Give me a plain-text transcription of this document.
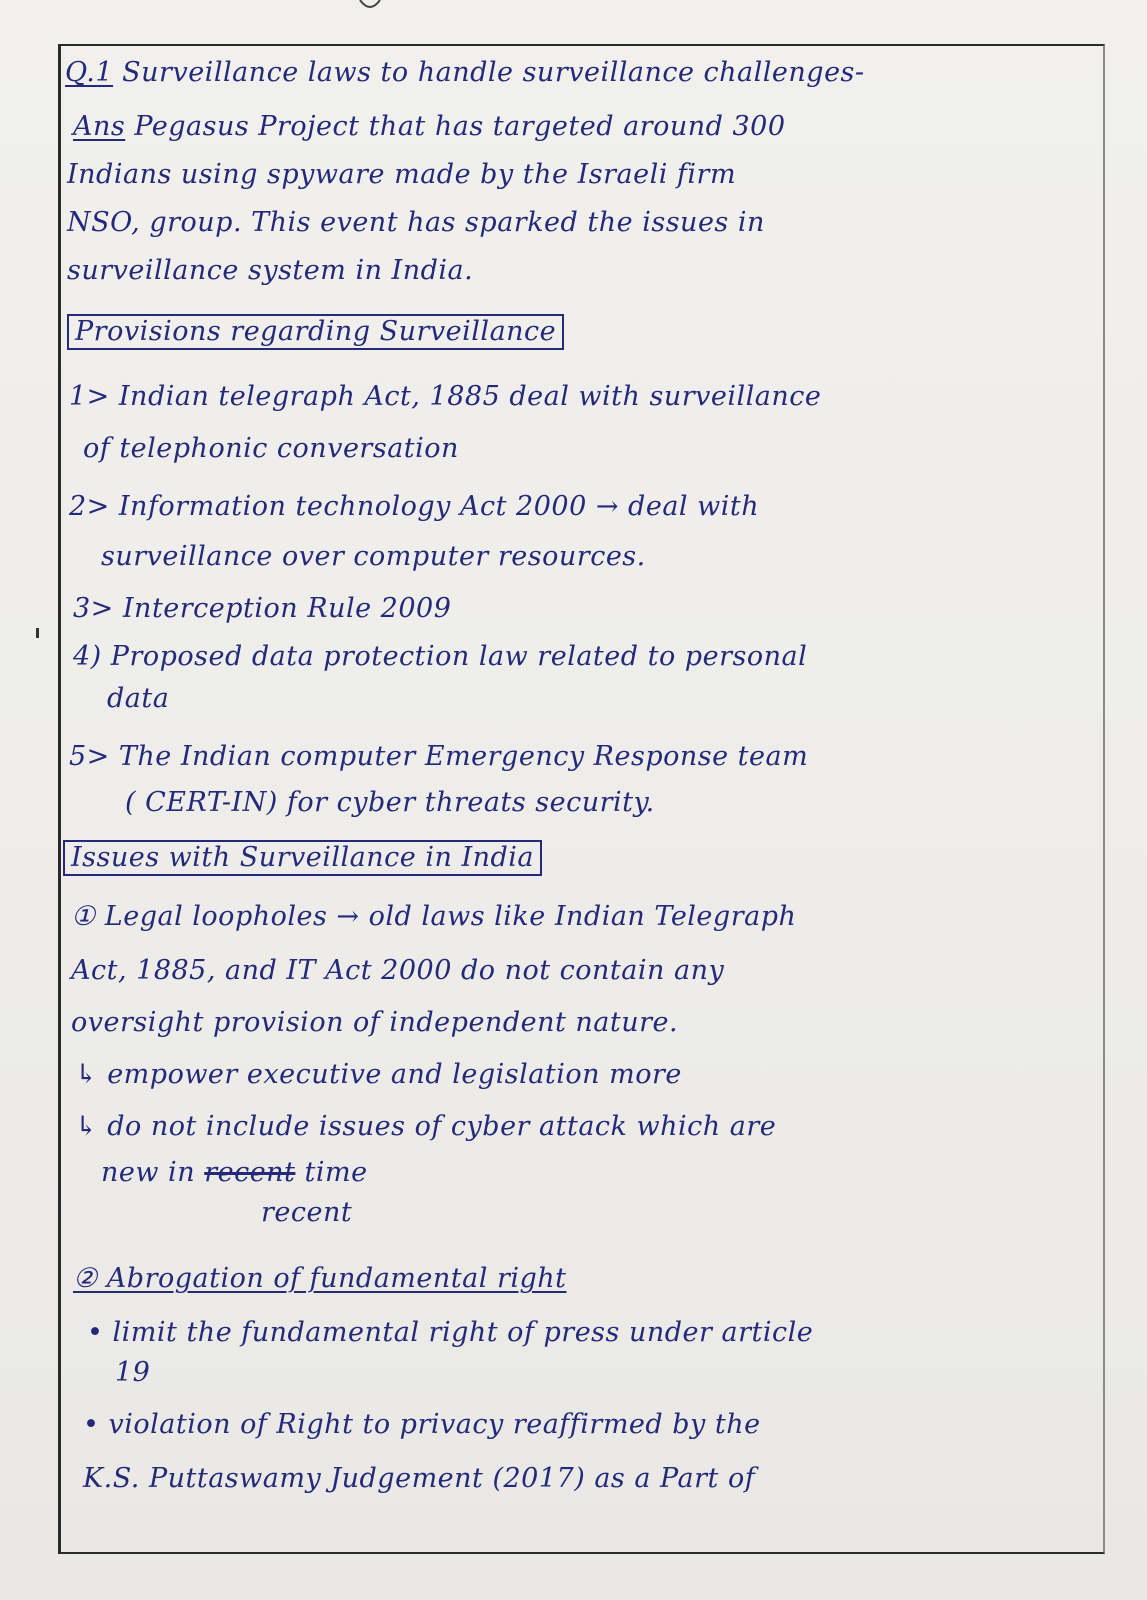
Q.1 Surveillance laws to handle surveillance challenges-
Ans Pegasus Project that has targeted around 300
Indians using spyware made by the Israeli firm
NSO, group. This event has sparked the issues in
surveillance system in India.
Provisions regarding Surveillance
1> Indian telegraph Act, 1885 deal with surveillance
of telephonic conversation
2> Information technology Act 2000 → deal with
surveillance over computer resources.
3> Interception Rule 2009
4) Proposed data protection law related to personal
data
5> The Indian computer Emergency Response team
( CERT-IN) for cyber threats security.
Issues with Surveillance in India
① Legal loopholes → old laws like Indian Telegraph
Act, 1885, and IT Act 2000 do not contain any
oversight provision of independent nature.
↳ empower executive and legislation more
↳ do not include issues of cyber attack which are
new in recent time
recent
② Abrogation of fundamental right
• limit the fundamental right of press under article
19
• violation of Right to privacy reaffirmed by the
K.S. Puttaswamy Judgement (2017) as a Part of
